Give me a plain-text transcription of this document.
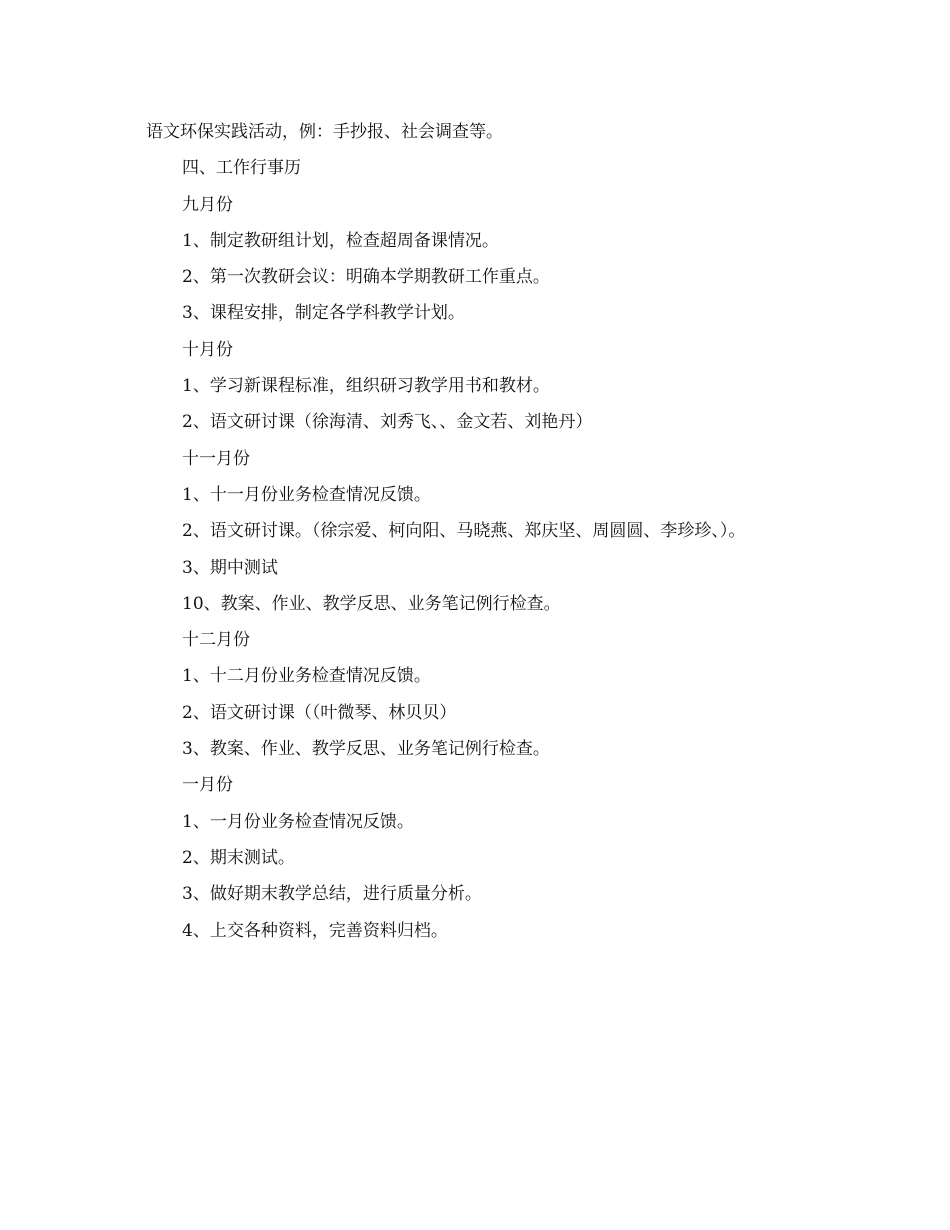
语文环保实践活动，例：手抄报、社会调查等。
四、工作行事历
九月份
1、制定教研组计划，检查超周备课情况。
2、第一次教研会议：明确本学期教研工作重点。
3、课程安排，制定各学科教学计划。
十月份
1、学习新课程标准，组织研习教学用书和教材。
2、语文研讨课（徐海清、刘秀飞、、金文若、刘艳丹）
十一月份
1、十一月份业务检查情况反馈。
2、语文研讨课。（徐宗爱、柯向阳、马晓燕、郑庆坚、周圆圆、李珍珍、）。
3、期中测试
10、教案、作业、教学反思、业务笔记例行检查。
十二月份
1、十二月份业务检查情况反馈。
2、语文研讨课（（叶微琴、林贝贝）
3、教案、作业、教学反思、业务笔记例行检查。
一月份
1、一月份业务检查情况反馈。
2、期末测试。
3、做好期末教学总结，进行质量分析。
4、上交各种资料，完善资料归档。
